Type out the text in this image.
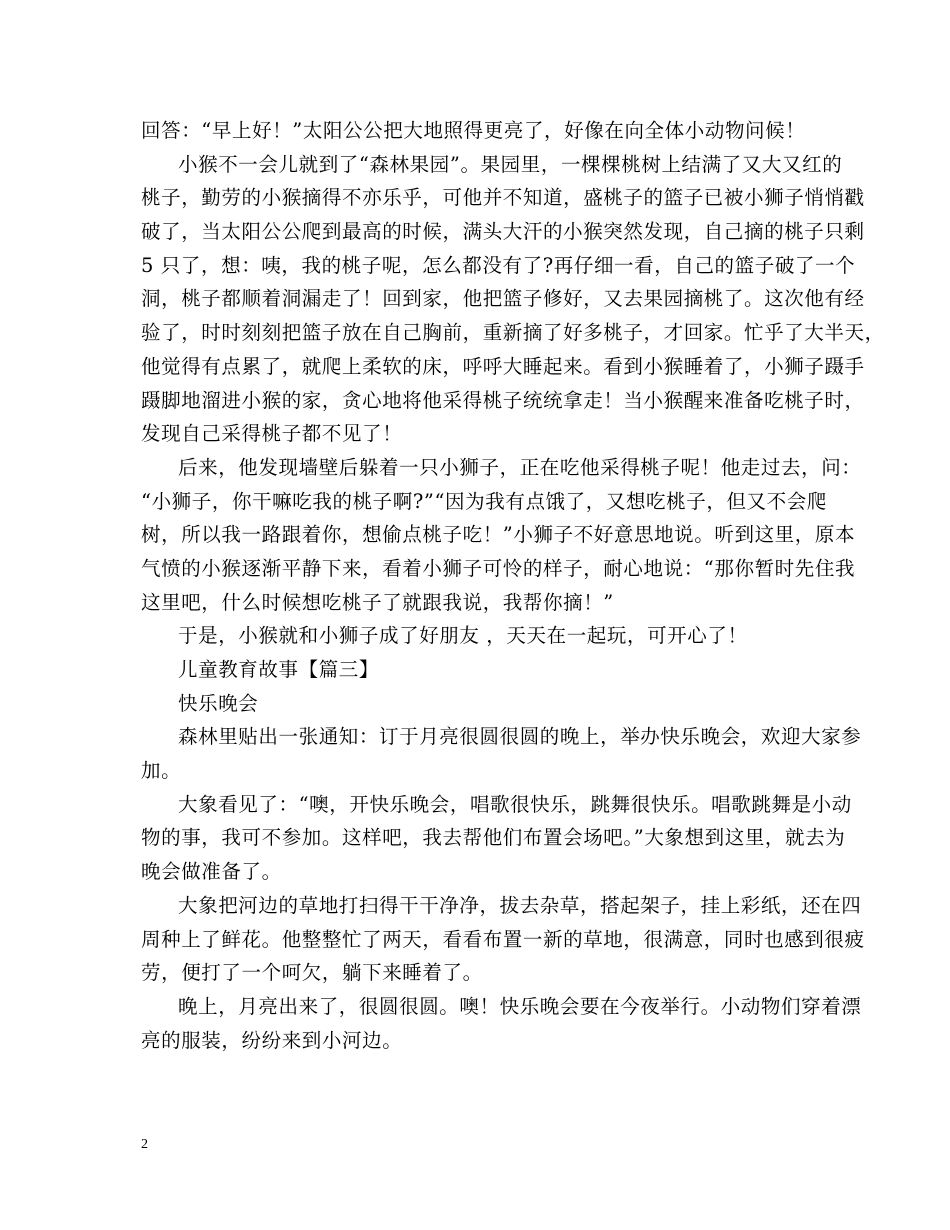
回答：“早上好！”太阳公公把大地照得更亮了，好像在向全体小动物问候！
小猴不一会儿就到了“森林果园”。果园里，一棵棵桃树上结满了又大又红的
桃子，勤劳的小猴摘得不亦乐乎，可他并不知道，盛桃子的篮子已被小狮子悄悄戳
破了，当太阳公公爬到最高的时候，满头大汗的小猴突然发现，自己摘的桃子只剩
5 只了，想：咦，我的桃子呢，怎么都没有了?再仔细一看，自己的篮子破了一个
洞，桃子都顺着洞漏走了！回到家，他把篮子修好，又去果园摘桃了。这次他有经
验了，时时刻刻把篮子放在自己胸前，重新摘了好多桃子，才回家。忙乎了大半天，
他觉得有点累了，就爬上柔软的床，呼呼大睡起来。看到小猴睡着了，小狮子蹑手
蹑脚地溜进小猴的家，贪心地将他采得桃子统统拿走！当小猴醒来准备吃桃子时，
发现自己采得桃子都不见了！
后来，他发现墙壁后躲着一只小狮子，正在吃他采得桃子呢！他走过去，问：
“小狮子，你干嘛吃我的桃子啊?”“因为我有点饿了，又想吃桃子，但又不会爬
树，所以我一路跟着你，想偷点桃子吃！”小狮子不好意思地说。听到这里，原本
气愤的小猴逐渐平静下来，看着小狮子可怜的样子，耐心地说：“那你暂时先住我
这里吧，什么时候想吃桃子了就跟我说，我帮你摘！”
于是，小猴就和小狮子成了好朋友 ，天天在一起玩，可开心了！
儿童教育故事【篇三】
快乐晚会
森林里贴出一张通知：订于月亮很圆很圆的晚上，举办快乐晚会，欢迎大家参
加。
大象看见了：“噢，开快乐晚会，唱歌很快乐，跳舞很快乐。唱歌跳舞是小动
物的事，我可不参加。这样吧，我去帮他们布置会场吧。”大象想到这里，就去为
晚会做准备了。
大象把河边的草地打扫得干干净净，拔去杂草，搭起架子，挂上彩纸，还在四
周种上了鲜花。他整整忙了两天，看看布置一新的草地，很满意，同时也感到很疲
劳，便打了一个呵欠，躺下来睡着了。
晚上，月亮出来了，很圆很圆。噢！快乐晚会要在今夜举行。小动物们穿着漂
亮的服装，纷纷来到小河边。
2
